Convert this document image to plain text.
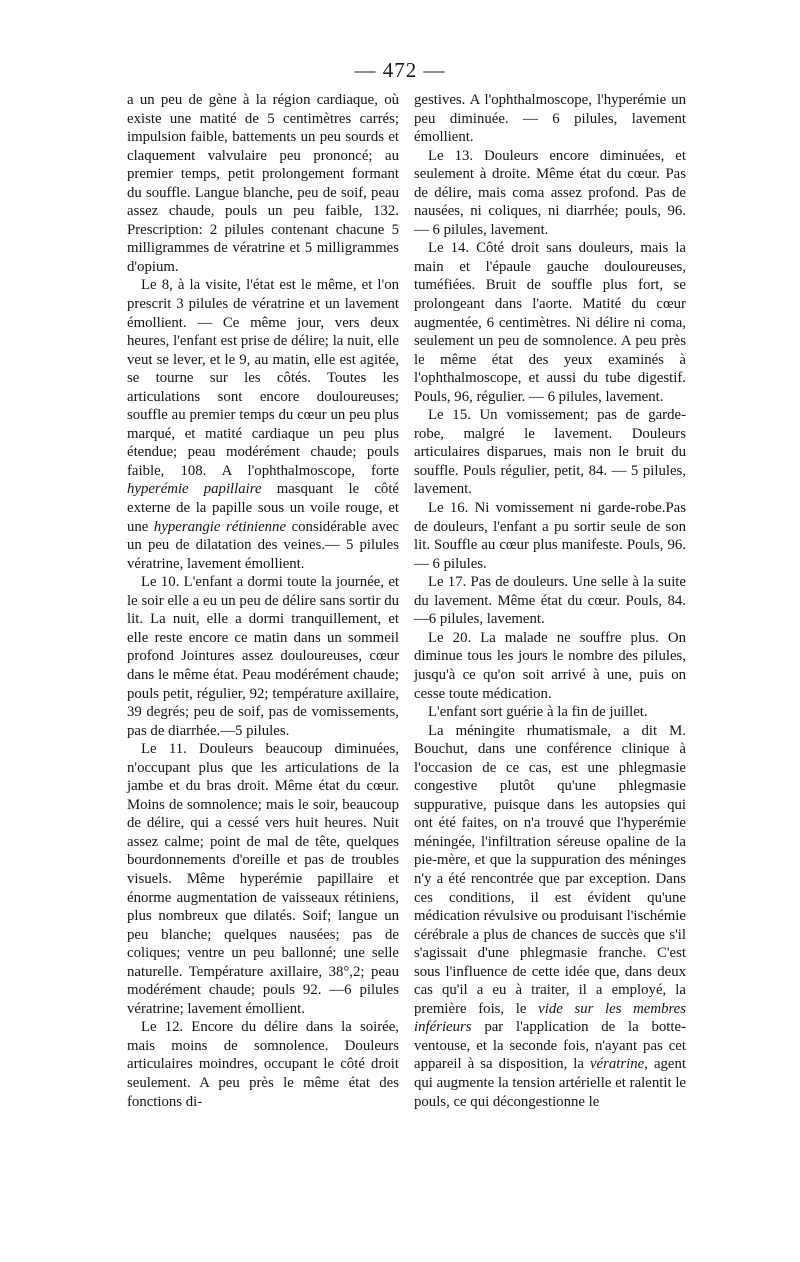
— 472 —

a un peu de gène à la région cardiaque, où existe une matité de 5 centimètres carrés; impulsion faible, battements un peu sourds et claquement valvulaire peu prononcé; au premier temps, petit prolongement formant du souffle. Langue blanche, peu de soif, peau assez chaude, pouls un peu faible, 132. Prescription: 2 pilules contenant chacune 5 milligrammes de vératrine et 5 milligrammes d'opium.

Le 8, à la visite, l'état est le même, et l'on prescrit 3 pilules de vératrine et un lavement émollient. — Ce même jour, vers deux heures, l'enfant est prise de délire; la nuit, elle veut se lever, et le 9, au matin, elle est agitée, se tourne sur les côtés. Toutes les articulations sont encore douloureuses; souffle au premier temps du cœur un peu plus marqué, et matité cardiaque un peu plus étendue; peau modérément chaude; pouls faible, 108. A l'ophthalmoscope, forte hyperémie papillaire masquant le côté externe de la papille sous un voile rouge, et une hyperangie rétinienne considérable avec un peu de dilatation des veines.— 5 pilules vératrine, lavement émollient.

Le 10. L'enfant a dormi toute la journée, et le soir elle a eu un peu de délire sans sortir du lit. La nuit, elle a dormi tranquillement, et elle reste encore ce matin dans un sommeil profond Jointures assez douloureuses, cœur dans le même état. Peau modérément chaude; pouls petit, régulier, 92; température axillaire, 39 degrés; peu de soif, pas de vomissements, pas de diarrhée.—5 pilules.

Le 11. Douleurs beaucoup diminuées, n'occupant plus que les articulations de la jambe et du bras droit. Même état du cœur. Moins de somnolence; mais le soir, beaucoup de délire, qui a cessé vers huit heures. Nuit assez calme; point de mal de tête, quelques bourdonnements d'oreille et pas de troubles visuels. Même hyperémie papillaire et énorme augmentation de vaisseaux rétiniens, plus nombreux que dilatés. Soif; langue un peu blanche; quelques nausées; pas de coliques; ventre un peu ballonné; une selle naturelle. Température axillaire, 38°,2; peau modérément chaude; pouls 92. —6 pilules vératrine; lavement émollient.

Le 12. Encore du délire dans la soirée, mais moins de somnolence. Douleurs articulaires moindres, occupant le côté droit seulement. A peu près le même état des fonctions di-

gestives. A l'ophthalmoscope, l'hyperémie un peu diminuée. — 6 pilules, lavement émollient.

Le 13. Douleurs encore diminuées, et seulement à droite. Même état du cœur. Pas de délire, mais coma assez profond. Pas de nausées, ni coliques, ni diarrhée; pouls, 96. — 6 pilules, lavement.

Le 14. Côté droit sans douleurs, mais la main et l'épaule gauche douloureuses, tuméfiées. Bruit de souffle plus fort, se prolongeant dans l'aorte. Matité du cœur augmentée, 6 centimètres. Ni délire ni coma, seulement un peu de somnolence. A peu près le même état des yeux examinés à l'ophthalmoscope, et aussi du tube digestif. Pouls, 96, régulier. — 6 pilules, lavement.

Le 15. Un vomissement; pas de garde-robe, malgré le lavement. Douleurs articulaires disparues, mais non le bruit du souffle. Pouls régulier, petit, 84. — 5 pilules, lavement.

Le 16. Ni vomissement ni garde-robe.Pas de douleurs, l'enfant a pu sortir seule de son lit. Souffle au cœur plus manifeste. Pouls, 96. — 6 pilules.

Le 17. Pas de douleurs. Une selle à la suite du lavement. Même état du cœur. Pouls, 84.—6 pilules, lavement.

Le 20. La malade ne souffre plus. On diminue tous les jours le nombre des pilules, jusqu'à ce qu'on soit arrivé à une, puis on cesse toute médication.

L'enfant sort guérie à la fin de juillet.

La méningite rhumatismale, a dit M. Bouchut, dans une conférence clinique à l'occasion de ce cas, est une phlegmasie congestive plutôt qu'une phlegmasie suppurative, puisque dans les autopsies qui ont été faites, on n'a trouvé que l'hyperémie méningée, l'infiltration séreuse opaline de la pie-mère, et que la suppuration des méninges n'y a été rencontrée que par exception. Dans ces conditions, il est évident qu'une médication révulsive ou produisant l'ischémie cérébrale a plus de chances de succès que s'il s'agissait d'une phlegmasie franche. C'est sous l'influence de cette idée que, dans deux cas qu'il a eu à traiter, il a employé, la première fois, le vide sur les membres inférieurs par l'application de la botte-ventouse, et la seconde fois, n'ayant pas cet appareil à sa disposition, la vératrine, agent qui augmente la tension artérielle et ralentit le pouls, ce qui décongestionne le
